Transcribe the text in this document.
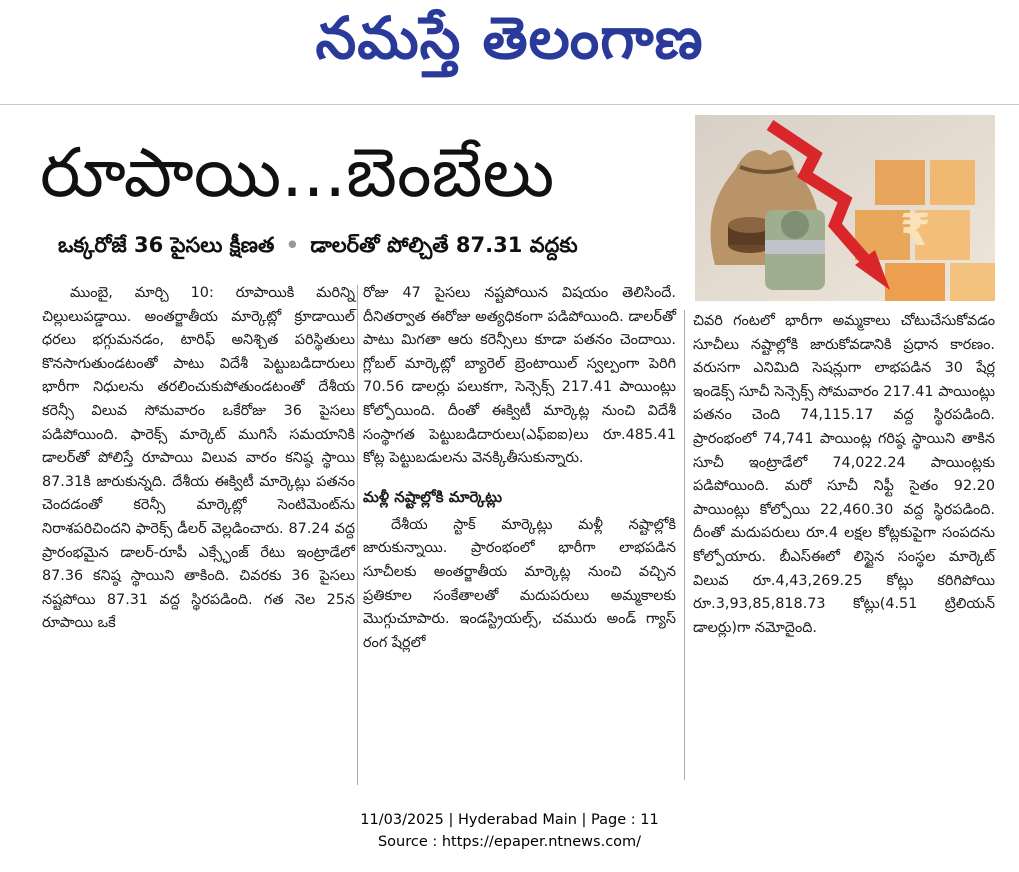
నమస్తే తెలంగాణ
రూపాయి...బెంబేలు
ఒక్కరోజే 36 పైసలు క్షీణత • డాలర్‌తో పోల్చితే 87.31 వద్దకు	₹

ముంబై, మార్చి 10: రూపాయికి మరిన్ని చిల్లులుపడ్డాయి. అంతర్జాతీయ మార్కెట్లో క్రూడాయిల్ ధరలు భగ్గుమనడం, టారిఫ్ అనిశ్చిత పరిస్థితులు కొనసాగుతుండటంతో పాటు విదేశీ పెట్టుబడిదారులు భారీగా నిధులను తరలించుకుపోతుండటంతో దేశీయ కరెన్సీ విలువ సోమవారం ఒకేరోజు 36 పైసలు పడిపోయింది. ఫారెక్స్ మార్కెట్ ముగిసే సమయానికి డాలర్‌తో పోలిస్తే రూపాయి విలువ వారం కనిష్ఠ స్థాయి 87.31కి జారుకున్నది. దేశీయ ఈక్విటీ మార్కెట్లు పతనం చెందడంతో కరెన్సీ మార్కెట్లో సెంటిమెంట్‌ను నిరాశపరిచిందని ఫారెక్స్ డీలర్ వెల్లడించారు. 87.24 వద్ద ప్రారంభమైన డాలర్-రూపీ ఎక్స్ఛేంజ్ రేటు ఇంట్రాడేలో 87.36 కనిష్ఠ స్థాయిని తాకింది. చివరకు 36 పైసలు నష్టపోయి 87.31 వద్ద స్థిరపడింది. గత నెల 25న రూపాయి ఒకే

రోజు 47 పైసలు నష్టపోయిన విషయం తెలిసిందే. దీనితర్వాత ఈరోజు అత్యధికంగా పడిపోయింది. డాలర్‌తో పాటు మిగతా ఆరు కరెన్సీలు కూడా పతనం చెందాయి. గ్లోబల్ మార్కెట్లో బ్యారెల్ బ్రెంటాయిల్ స్వల్పంగా పెరిగి 70.56 డాలర్లు పలుకగా, సెన్సెక్స్ 217.41 పాయింట్లు కోల్పోయింది. దీంతో ఈక్విటీ మార్కెట్ల నుంచి విదేశీ సంస్థాగత పెట్టుబడిదారులు(ఎఫ్ఐఐ)లు రూ.485.41 కోట్ల పెట్టుబడులను వెనక్కితీసుకున్నారు.

మళ్లీ నష్టాల్లోకి మార్కెట్లు

దేశీయ స్టాక్ మార్కెట్లు మళ్లీ నష్టాల్లోకి జారుకున్నాయి. ప్రారంభంలో భారీగా లాభపడిన సూచీలకు అంతర్జాతీయ మార్కెట్ల నుంచి వచ్చిన ప్రతికూల సంకేతాలతో మదుపరులు అమ్మకాలకు మొగ్గుచూపారు. ఇండస్ట్రియల్స్, చమురు అండ్ గ్యాస్ రంగ షేర్లలో

చివరి గంటలో భారీగా అమ్మకాలు చోటుచేసుకోవడం సూచీలు నష్టాల్లోకి జారుకోవడానికి ప్రధాన కారణం. వరుసగా ఎనిమిది సెషన్లుగా లాభపడిన 30 షేర్ల ఇండెక్స్ సూచీ సెన్సెక్స్ సోమవారం 217.41 పాయింట్లు పతనం చెంది 74,115.17 వద్ద స్థిరపడింది. ప్రారంభంలో 74,741 పాయింట్ల గరిష్ఠ స్థాయిని తాకిన సూచీ ఇంట్రాడేలో 74,022.24 పాయింట్లకు పడిపోయింది. మరో సూచీ నిఫ్టీ సైతం 92.20 పాయింట్లు కోల్పోయి 22,460.30 వద్ద స్థిరపడింది. దీంతో మదుపరులు రూ.4 లక్షల కోట్లకుపైగా సంపదను కోల్పోయారు. బీఎస్ఈలో లిస్టైన సంస్థల మార్కెట్ విలువ రూ.4,43,269.25 కోట్లు కరిగిపోయి రూ.3,93,85,818.73 కోట్లు(4.51 ట్రిలియన్ డాలర్లు)గా నమోదైంది.

11/03/2025 | Hyderabad Main | Page : 11
Source : https://epaper.ntnews.com/
